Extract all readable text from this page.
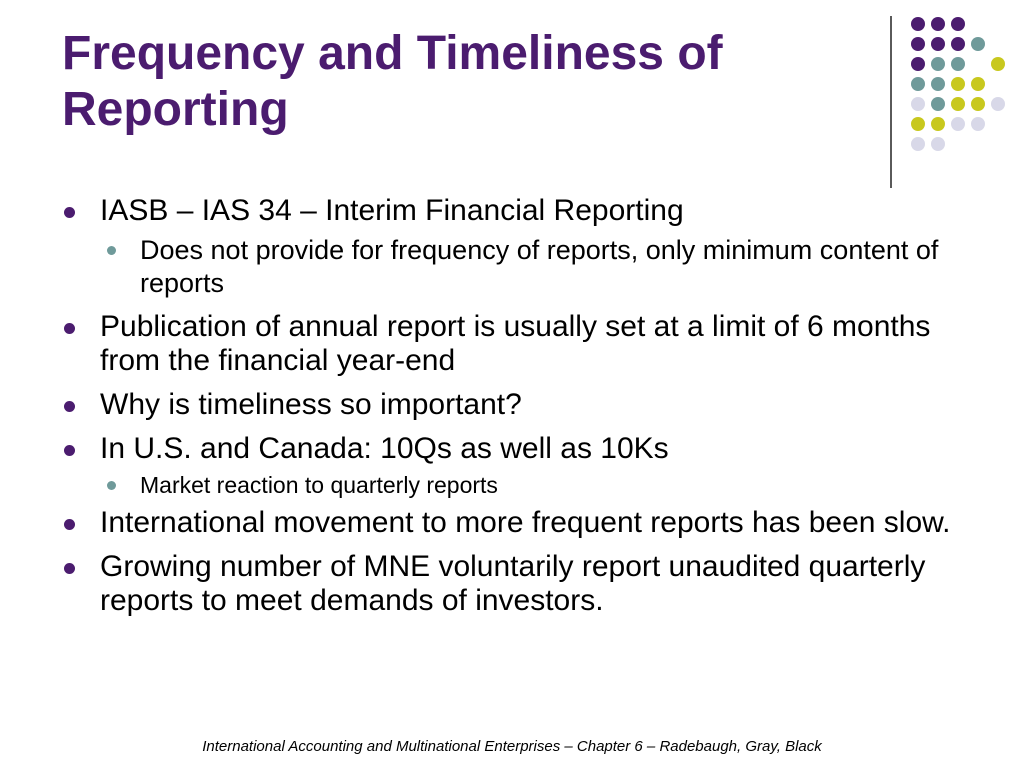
Frequency and Timeliness of Reporting
IASB – IAS 34 – Interim Financial Reporting
Does not provide for frequency of reports, only minimum content of reports
Publication of annual report is usually set at a limit of 6 months from the financial year-end
Why is timeliness so important?
In U.S. and Canada: 10Qs as well as 10Ks
Market reaction to quarterly reports
International movement to more frequent reports has been slow.
Growing number of MNE voluntarily report unaudited quarterly reports to meet demands of investors.
International Accounting and Multinational Enterprises – Chapter 6 – Radebaugh, Gray, Black
